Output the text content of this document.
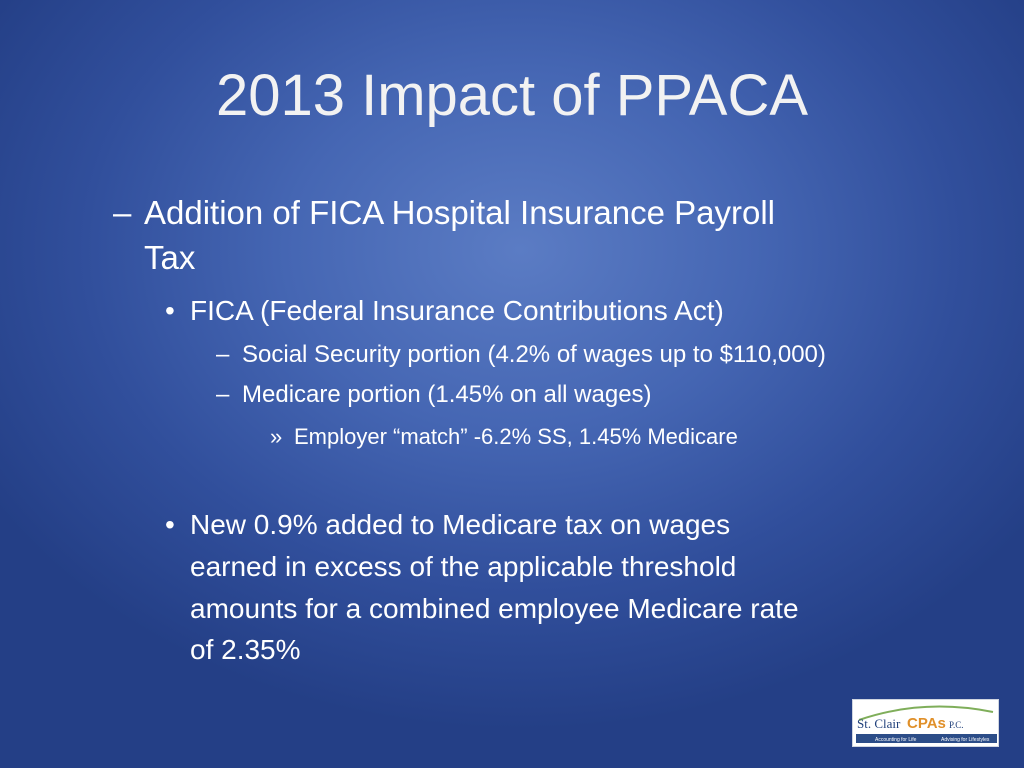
2013 Impact of PPACA
– Addition of FICA Hospital Insurance Payroll
Tax
• FICA (Federal Insurance Contributions Act)
– Social Security portion (4.2% of wages up to $110,000)
– Medicare portion (1.45% on all wages)
» Employer “match” -6.2% SS, 1.45% Medicare
• New 0.9% added to Medicare tax on wages
earned in excess of the applicable threshold
amounts for a combined employee Medicare rate
of 2.35%
St. Clair CPAs P.C.
Accounting for Life	Advising for Lifestyles
